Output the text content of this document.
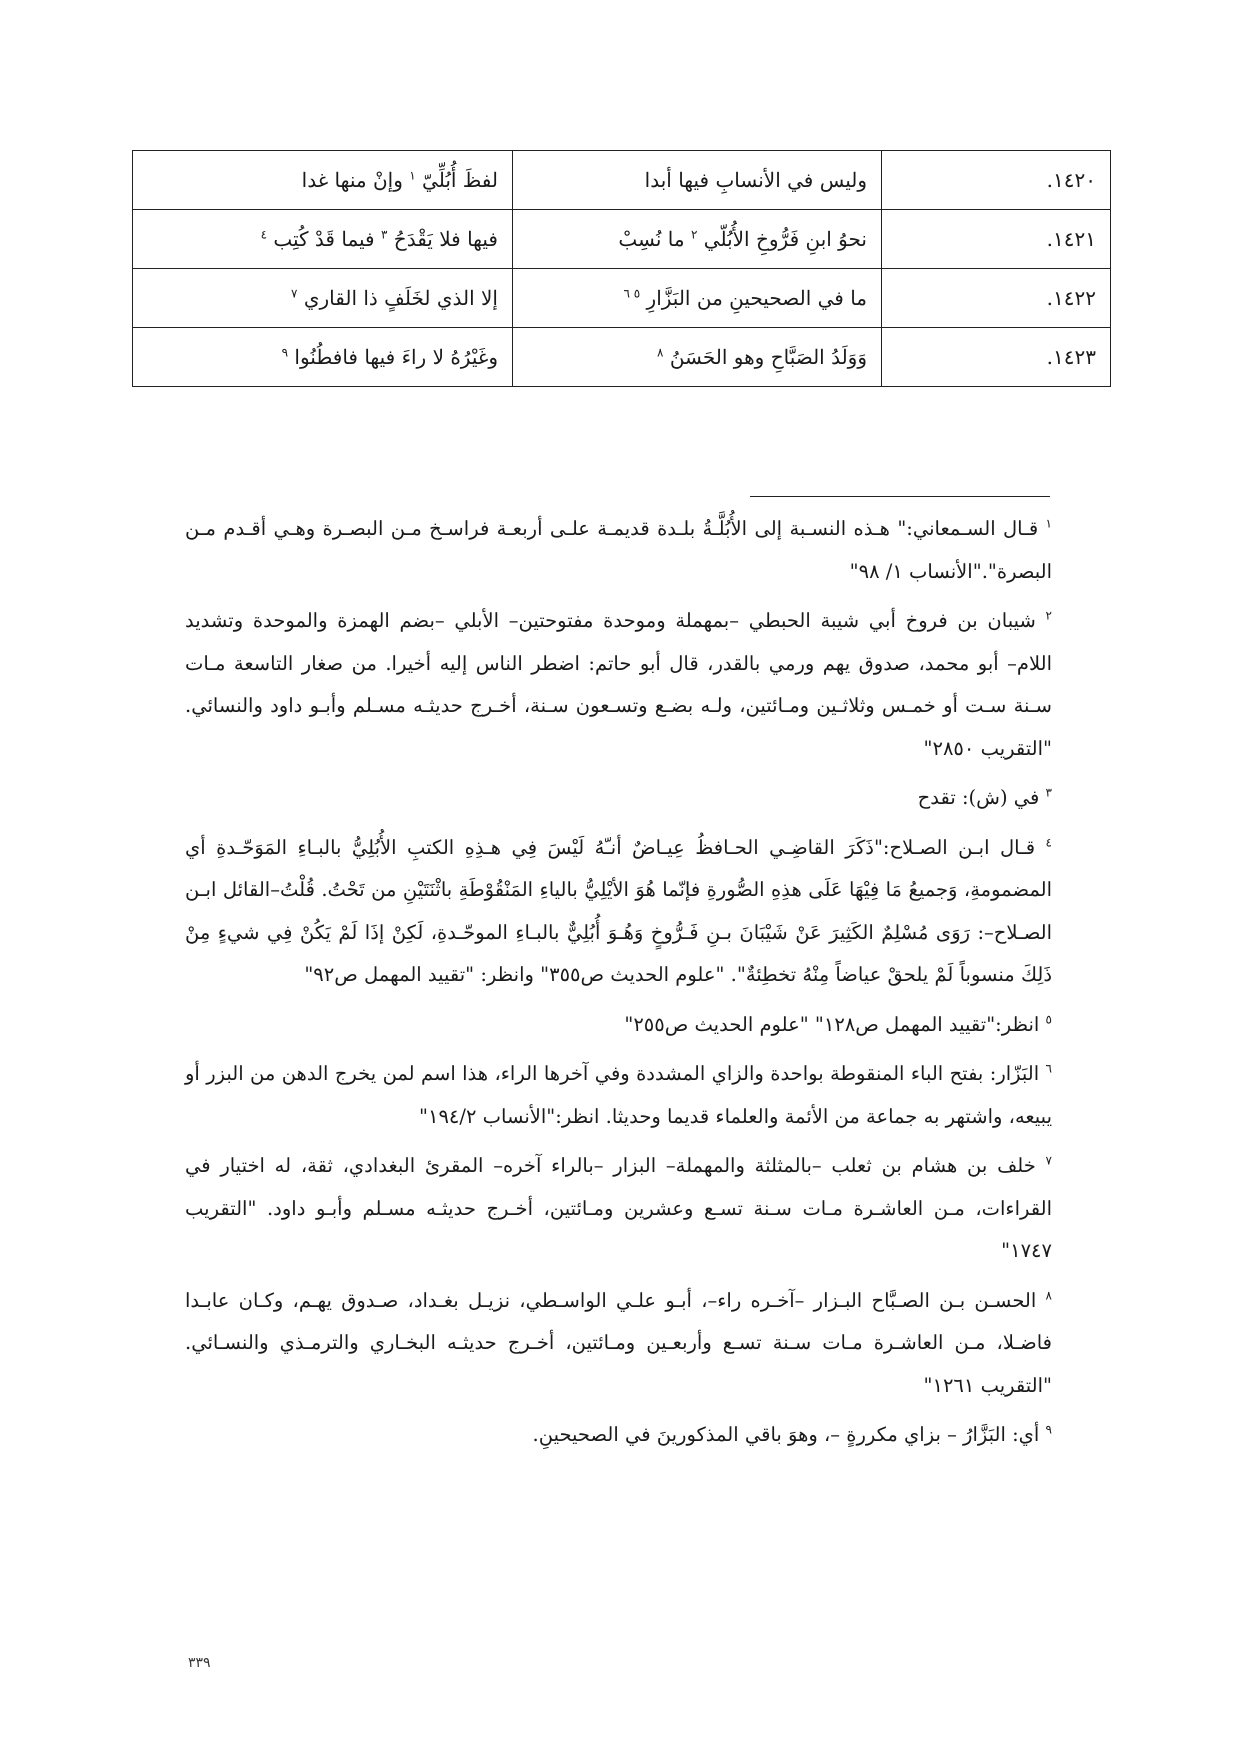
١٤٢٠.	وليس في الأنسابِ فيها أبدا	لفظَ أُبُلِّيّ $^١$ وإنْ منها غدا
١٤٢١.	نحوُ ابنِ فَرُّوخِ الأُبُلّي $^٢$ ما نُسِبْ	فيها فلا يَقْدَحُ $^٣$ فيما قَدْ كُتِب $^٤$
١٤٢٢.	ما في الصحيحينِ من البَزَّارِ $^{٥ ٦}$	إلا الذي لخَلَفٍ ذا القاري $^٧$
١٤٢٣.	وَوَلَدُ الصَبَّاحِ وهو الحَسَنُ $^٨$	وغَيْرُهُ لا راءَ فيها فافطُنُوا $^٩$

$^١$ قـال السـمعاني:" هـذه النسـبة إلى الأُبُلَّـةُ بلـدة قديمـة علـى أربعـة فراسـخ مـن البصـرة وهـي أقـدم مـن البصرة"."الأنساب ١/ ٩٨"

$^٢$ شيبان بن فروخ أبي شيبة الحبطي –بمهملة وموحدة مفتوحتين– الأبلي –بضم الهمزة والموحدة وتشديد اللام– أبو محمد، صدوق يهم ورمي بالقدر، قال أبو حاتم: اضطر الناس إليه أخيرا. من صغار التاسعة مـات سـنة سـت أو خمـس وثلاثـين ومـائتين، ولـه بضـع وتسـعون سـنة، أخـرج حديثـه مسـلم وأبـو داود والنسائي. "التقريب ٢٨٥٠"

$^٣$ في (ش): تقدح

$^٤$ قـال ابـن الصـلاح:"ذَكَرَ القاضِـي الحـافظُ عِيـاضٌ أنـّهُ لَيْسَ فِي هـذِهِ الكتبِ الأُبُلِيُّ بالبـاءِ المَوَحّـدةِ أي المضمومةِ، وَجميعُ مَا فِيْهَا عَلَى هذِهِ الصُّورةِ فإنّما هُوَ الأيْلِيُّ بالياءِ المَنْقُوْطَةِ باثْنَتَيْنِ من تَحْتُ. قُلْتُ–القائل ابـن الصـلاح–: رَوَى مُسْلِمٌ الكَثِيرَ عَنْ شَيْبَانَ بـنِ فَـرُّوخٍ وَهُـوَ أُبُلِيٌّ بالبـاءِ الموحّـدةِ، لَكِنْ إذَا لَمْ يَكُنْ فِي شيءٍ مِنْ ذَلِكَ منسوباً لَمْ يلحقْ عياضاً مِنْهُ تخطِئةٌ". "علوم الحديث ص٣٥٥" وانظر: "تقييد المهمل ص٩٢"

$^٥$ انظر:"تقييد المهمل ص١٢٨" "علوم الحديث ص٢٥٥"

$^٦$ البَزّار: بفتح الباء المنقوطة بواحدة والزاي المشددة وفي آخرها الراء، هذا اسم لمن يخرج الدهن من البزر أو يبيعه، واشتهر به جماعة من الأئمة والعلماء قديما وحديثا. انظر:"الأنساب ١٩٤/٢"

$^٧$ خلف بن هشام بن ثعلب –بالمثلثة والمهملة– البزار –بالراء آخره– المقرئ البغدادي، ثقة، له اختيار في القراءات، مـن العاشـرة مـات سـنة تسـع وعشرين ومـائتين، أخـرج حديثـه مسـلم وأبـو داود. "التقريب ١٧٤٧"

$^٨$ الحسـن بـن الصـبَّاح البـزار –آخـره راء–، أبـو علـي الواسـطي، نزيـل بغـداد، صـدوق يهـم، وكـان عابـدا فاضـلا، مـن العاشـرة مـات سـنة تسـع وأربعـين ومـائتين، أخـرج حديثـه البخـاري والترمـذي والنسـائي. "التقريب ١٢٦١"

$^٩$ أي: البَزَّارُ – بزاي مكررةٍ –، وهوَ باقي المذكورينَ في الصحيحينِ.

٣٣٩
